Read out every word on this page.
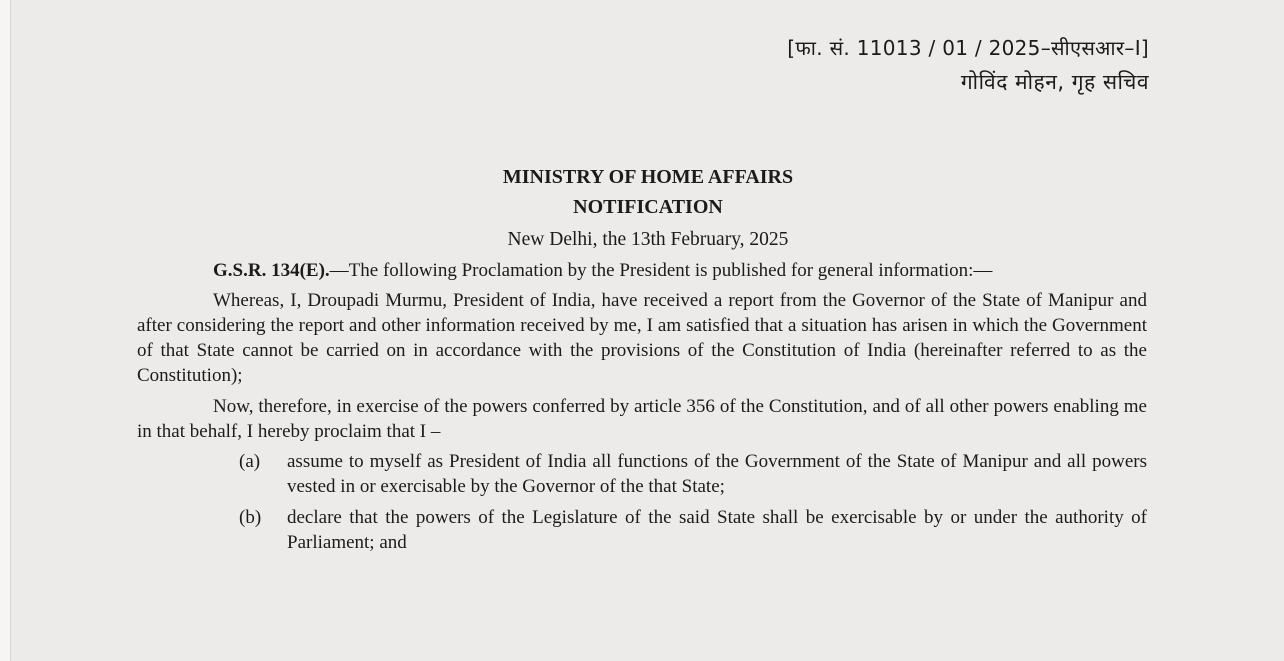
[फा. सं. 11013 / 01 / 2025–सीएसआर–I]
गोविंद मोहन, गृह सचिव
MINISTRY OF HOME AFFAIRS
NOTIFICATION
New Delhi, the 13th February, 2025
G.S.R. 134(E).—The following Proclamation by the President is published for general information:—
Whereas, I, Droupadi Murmu, President of India, have received a report from the Governor of the State of Manipur and after considering the report and other information received by me, I am satisfied that a situation has arisen in which the Government of that State cannot be carried on in accordance with the provisions of the Constitution of India (hereinafter referred to as the Constitution);
Now, therefore, in exercise of the powers conferred by article 356 of the Constitution, and of all other powers enabling me in that behalf, I hereby proclaim that I –
(a) assume to myself as President of India all functions of the Government of the State of Manipur and all powers vested in or exercisable by the Governor of the that State;
(b) declare that the powers of the Legislature of the said State shall be exercisable by or under the authority of Parliament; and
